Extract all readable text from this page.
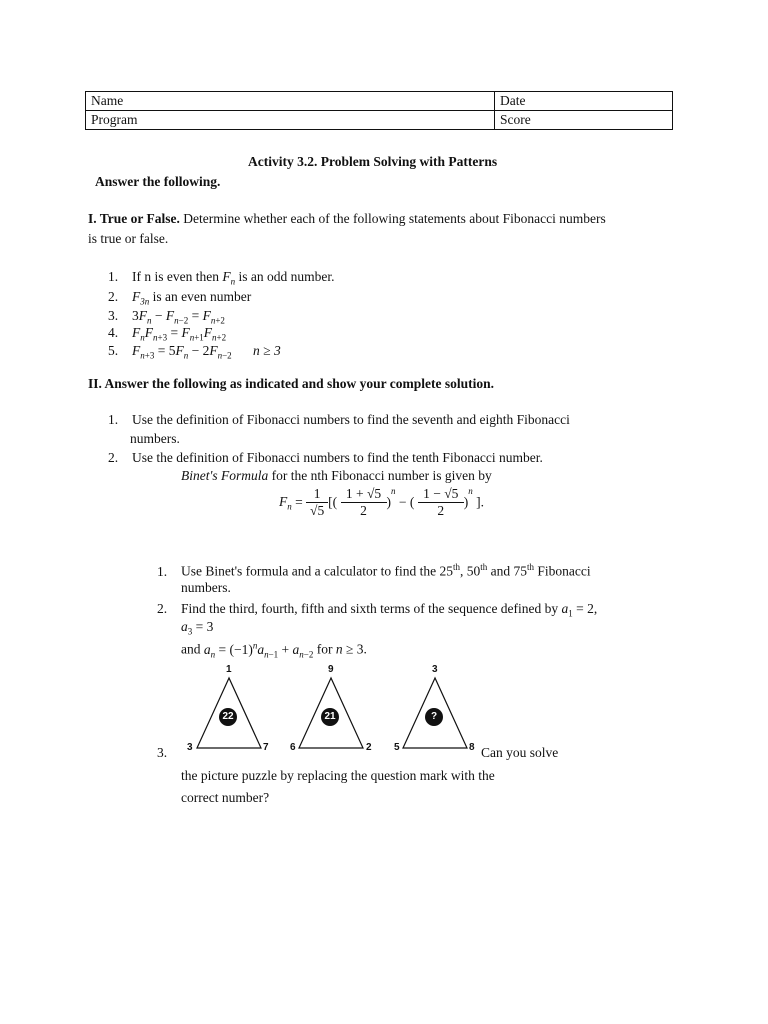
Name	Date
Program	Score
Activity 3.2. Problem Solving with Patterns
Answer the following.
I. True or False. Determine whether each of the following statements about Fibonacci numbers
is true or false.
1. If n is even then $F_n$ is an odd number.
2. $F_{3n}$ is an even number
3. $3F_n - F_{n-2} = F_{n+2}$
4. $F_nF_{n+3} = F_{n+1}F_{n+2}$
5. $F_{n+3} = 5F_n - 2F_{n-2}$ n ≥ 3
II. Answer the following as indicated and show your complete solution.
1. Use the definition of Fibonacci numbers to find the seventh and eighth Fibonacci
numbers.
2. Use the definition of Fibonacci numbers to find the tenth Fibonacci number.
Binet's Formula for the nth Fibonacci number is given by
$F_n = \frac{1}{√5}$ [( $\frac{1 + √5}{2} )^n$ − ( $\frac{1 - √5}{2} )^n$ ].
1. Use Binet's formula and a calculator to find the 25th, 50th and 75th Fibonacci
numbers.
2. Find the third, fourth, fifth and sixth terms of the sequence defined by $a_1 = 2$,
$a_3 = 3$
and $a_n = (-1)^na_{n-1} + a_{n-2}$ for n ≥ 3.
1
3	7
22
9
6	2
21
3
5	8
?
3.	Can you solve
the picture puzzle by replacing the question mark with the
correct number?
